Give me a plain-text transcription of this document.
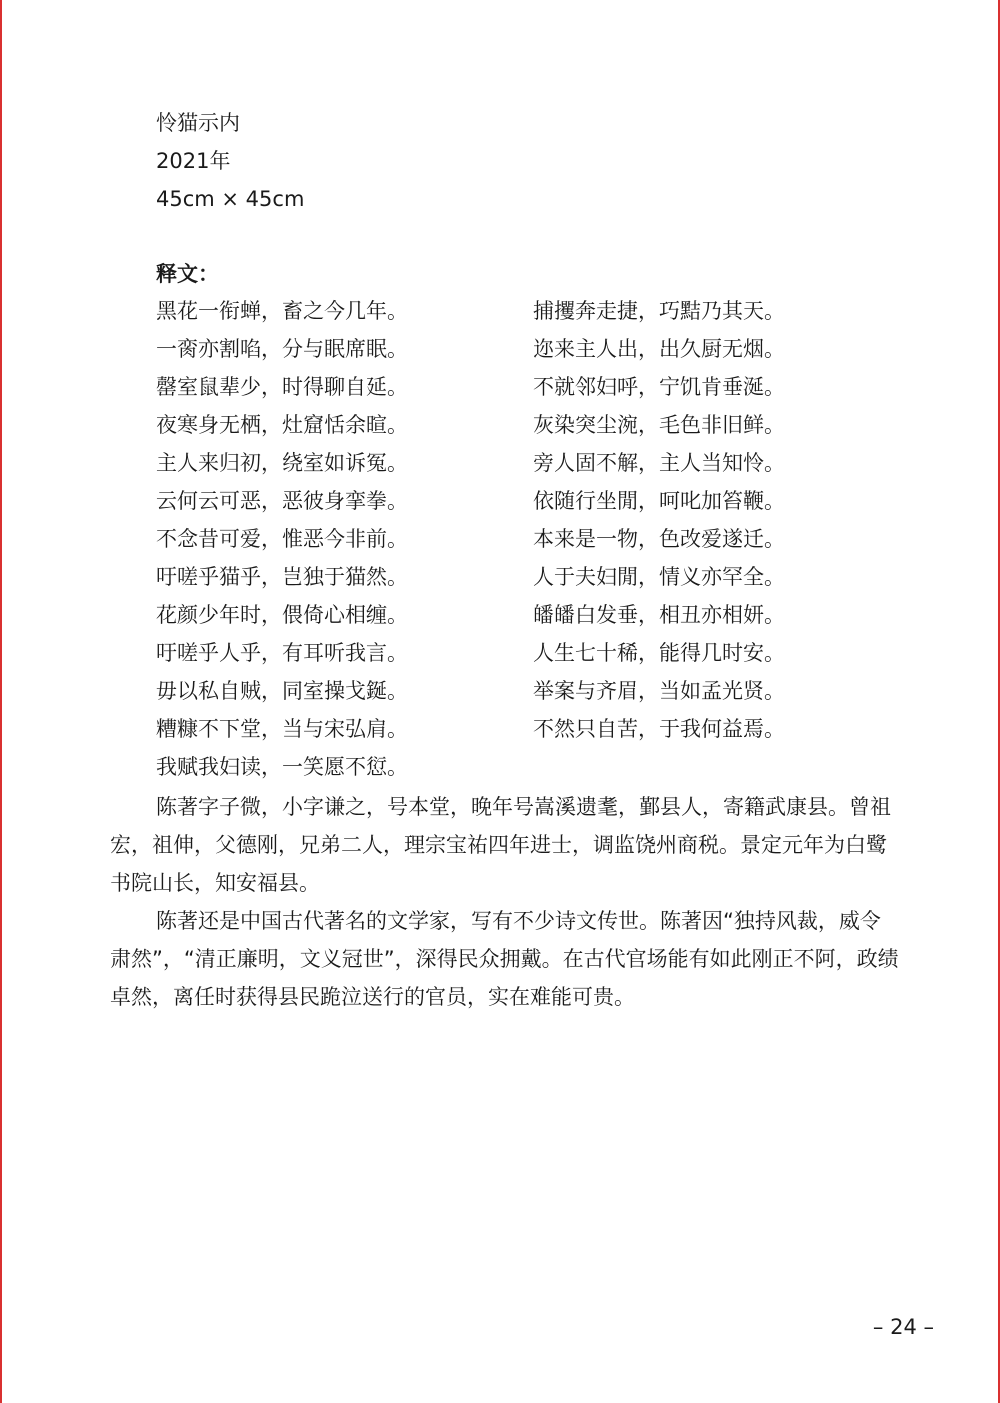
怜猫示内
2021年
45cm × 45cm
释文：
黑花一衔蝉，畜之今几年。
一脔亦割啗，分与眠席眠。
罄室鼠辈少，时得聊自延。
夜寒身无栖，灶窟恬余暄。
主人来归初，绕室如诉冤。
云何云可恶，恶彼身挛拳。
不念昔可爱，惟恶今非前。
吁嗟乎猫乎，岂独于猫然。
花颜少年时，偎倚心相缠。
吁嗟乎人乎，有耳听我言。
毋以私自贼，同室操戈鋋。
糟糠不下堂，当与宋弘肩。
我赋我妇读，一笑愿不愆。
捕攫奔走捷，巧黠乃其天。
迩来主人出，出久厨无烟。
不就邻妇呼，宁饥肯垂涎。
灰染突尘涴，毛色非旧鲜。
旁人固不解，主人当知怜。
依随行坐閒，呵叱加笞鞭。
本来是一物，色改爱遂迁。
人于夫妇閒，情义亦罕全。
皤皤白发垂，相丑亦相妍。
人生七十稀，能得几时安。
举案与齐眉，当如孟光贤。
不然只自苦，于我何益焉。

陈著字子微，小字谦之，号本堂，晚年号嵩溪遗耄，鄞县人，寄籍武康县。曾祖宏，祖伸，父德刚，兄弟二人，理宗宝祐四年进士，调监饶州商税。景定元年为白鹭书院山长，知安福县。

陈著还是中国古代著名的文学家，写有不少诗文传世。陈著因“独持风裁，威令肃然”，“清正廉明，文义冠世”，深得民众拥戴。在古代官场能有如此刚正不阿，政绩卓然，离任时获得县民跪泣送行的官员，实在难能可贵。

– 24 –
